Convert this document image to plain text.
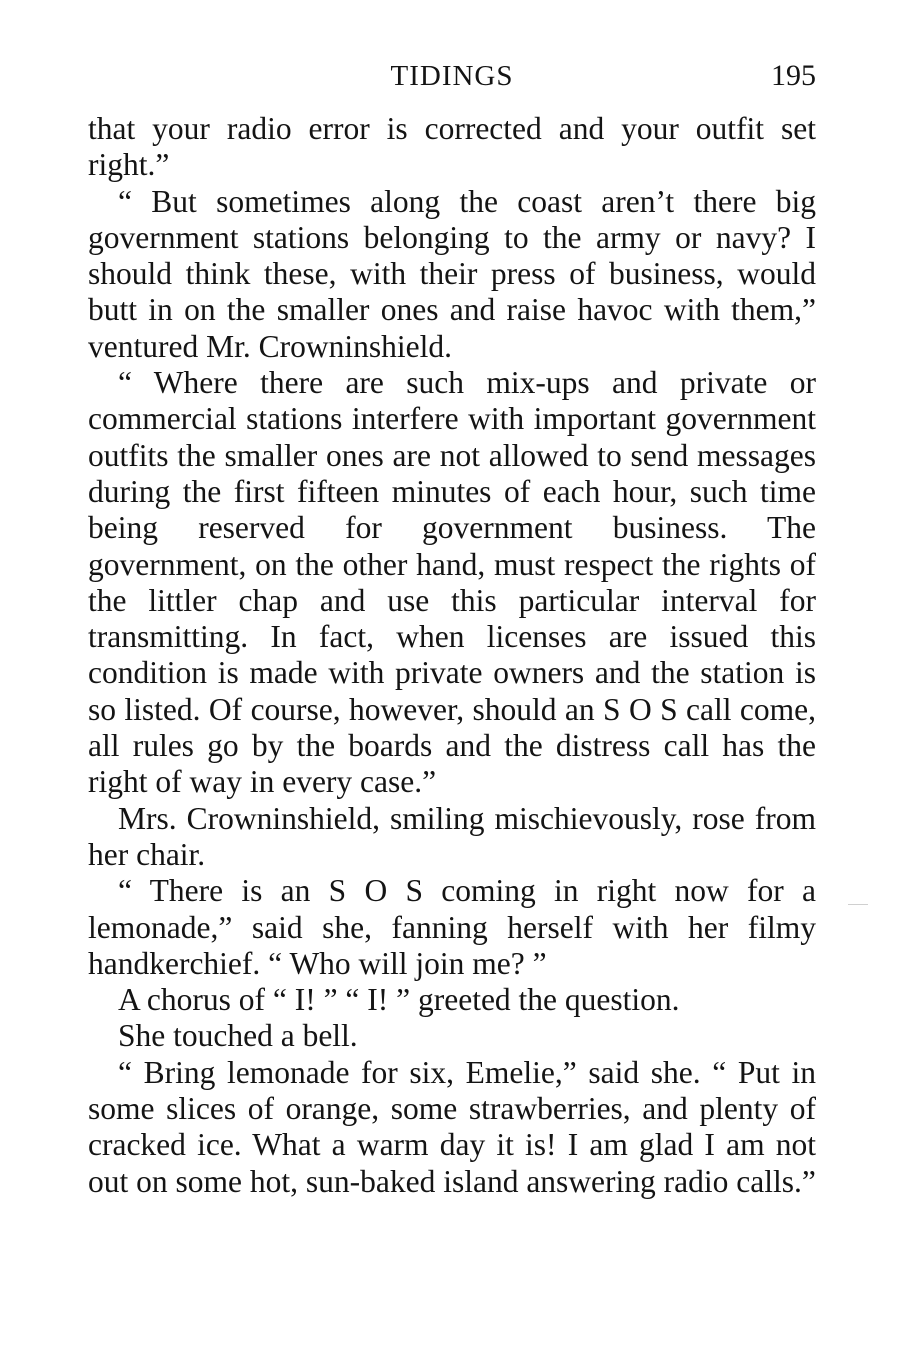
TIDINGS	195

that your radio error is corrected and your outfit set right.”

“ But sometimes along the coast aren’t there big government stations belonging to the army or navy? I should think these, with their press of business, would butt in on the smaller ones and raise havoc with them,” ventured Mr. Crowninshield.

“ Where there are such mix-ups and private or commercial stations interfere with important government outfits the smaller ones are not allowed to send messages during the first fifteen minutes of each hour, such time being reserved for government business. The government, on the other hand, must respect the rights of the littler chap and use this particular interval for transmitting. In fact, when licenses are issued this condition is made with private owners and the station is so listed. Of course, however, should an S O S call come, all rules go by the boards and the distress call has the right of way in every case.”

Mrs. Crowninshield, smiling mischievously, rose from her chair.

“ There is an S O S coming in right now for a lemonade,” said she, fanning herself with her filmy handkerchief. “ Who will join me? ”

A chorus of “ I! ” “ I! ” greeted the question.

She touched a bell.

“ Bring lemonade for six, Emelie,” said she. “ Put in some slices of orange, some strawberries, and plenty of cracked ice. What a warm day it is! I am glad I am not out on some hot, sun-baked island answering radio calls.”
